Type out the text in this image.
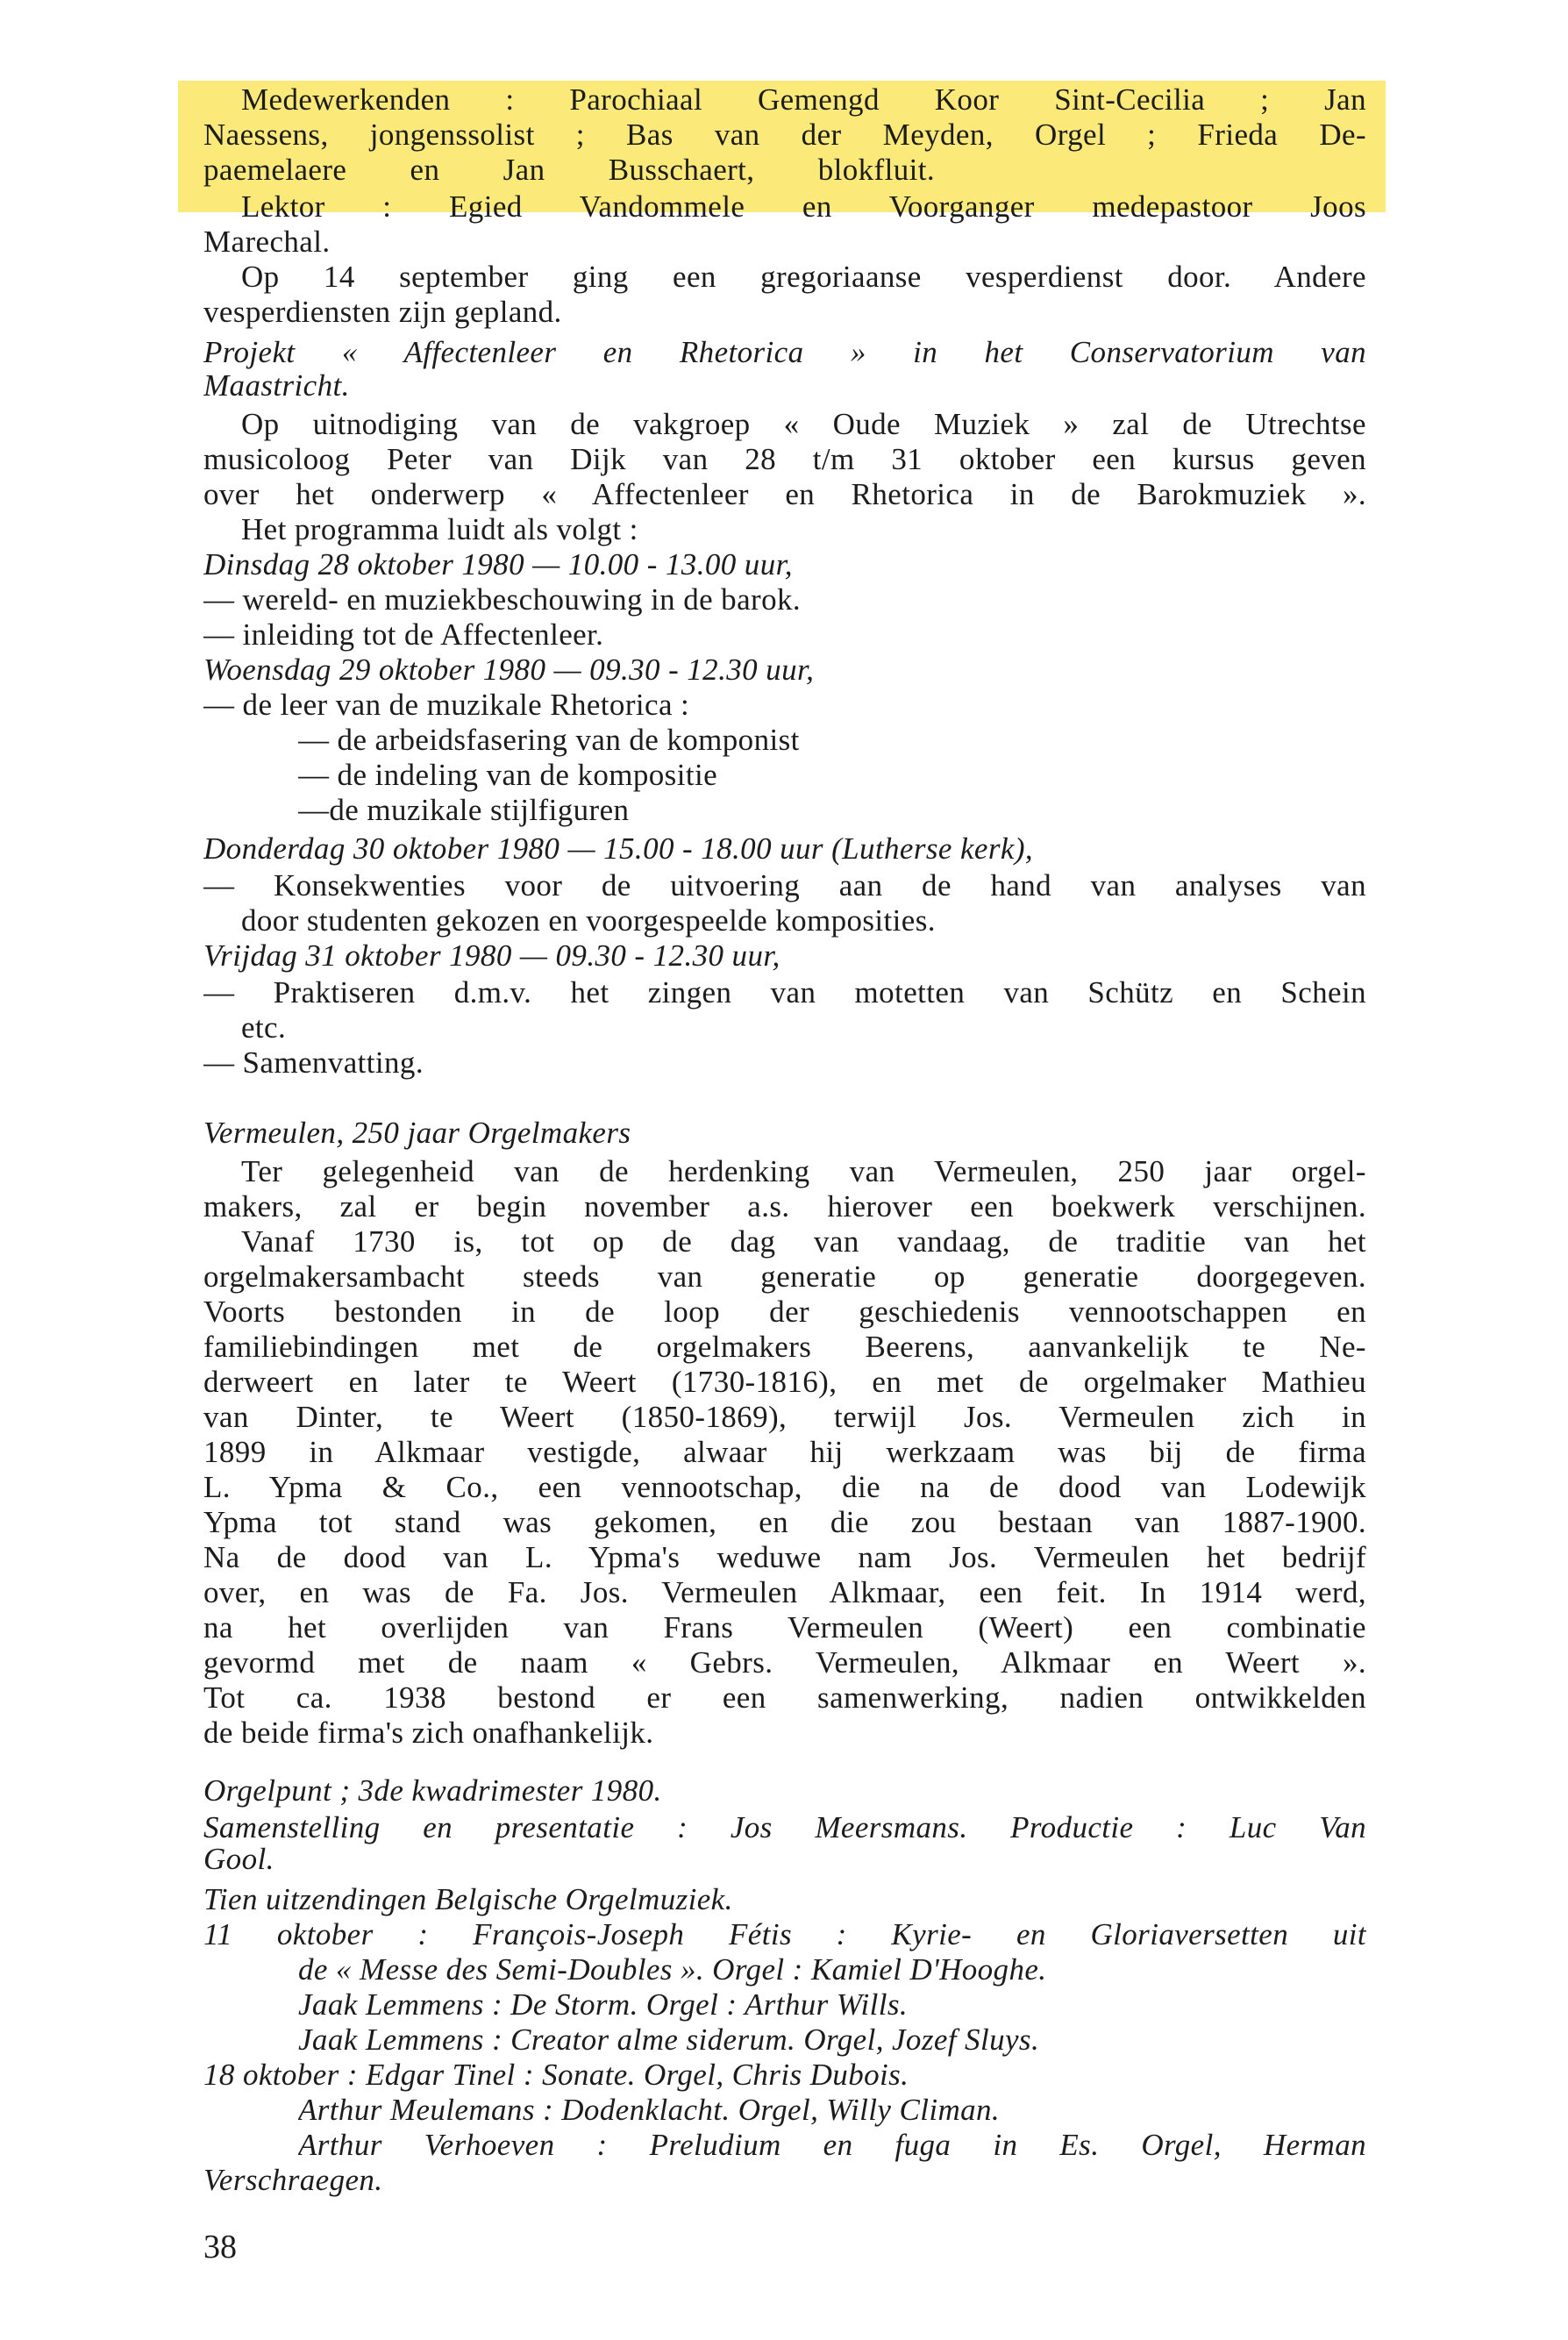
Medewerkenden : Parochiaal Gemengd Koor Sint-Cecilia ; Jan
Naessens, jongenssolist ; Bas van der Meyden, Orgel ; Frieda De-
paemelaere en Jan Busschaert, blokfluit.
Lektor : Egied Vandommele en Voorganger medepastoor Joos
Marechal.
Op 14 september ging een gregoriaanse vesperdienst door. Andere
vesperdiensten zijn gepland.
Projekt « Affectenleer en Rhetorica » in het Conservatorium van
Maastricht.
Op uitnodiging van de vakgroep « Oude Muziek » zal de Utrechtse
musicoloog Peter van Dijk van 28 t/m 31 oktober een kursus geven
over het onderwerp « Affectenleer en Rhetorica in de Barokmuziek ».
Het programma luidt als volgt :
Dinsdag 28 oktober 1980 — 10.00 - 13.00 uur,
— wereld- en muziekbeschouwing in de barok.
— inleiding tot de Affectenleer.
Woensdag 29 oktober 1980 — 09.30 - 12.30 uur,
— de leer van de muzikale Rhetorica :
— de arbeidsfasering van de komponist
— de indeling van de kompositie
—de muzikale stijlfiguren
Donderdag 30 oktober 1980 — 15.00 - 18.00 uur (Lutherse kerk),
— Konsekwenties voor de uitvoering aan de hand van analyses van
door studenten gekozen en voorgespeelde komposities.
Vrijdag 31 oktober 1980 — 09.30 - 12.30 uur,
— Praktiseren d.m.v. het zingen van motetten van Schütz en Schein
etc.
— Samenvatting.
Vermeulen, 250 jaar Orgelmakers
Ter gelegenheid van de herdenking van Vermeulen, 250 jaar orgel-
makers, zal er begin november a.s. hierover een boekwerk verschijnen.
Vanaf 1730 is, tot op de dag van vandaag, de traditie van het
orgelmakersambacht steeds van generatie op generatie doorgegeven.
Voorts bestonden in de loop der geschiedenis vennootschappen en
familiebindingen met de orgelmakers Beerens, aanvankelijk te Ne-
derweert en later te Weert (1730-1816), en met de orgelmaker Mathieu
van Dinter, te Weert (1850-1869), terwijl Jos. Vermeulen zich in
1899 in Alkmaar vestigde, alwaar hij werkzaam was bij de firma
L. Ypma & Co., een vennootschap, die na de dood van Lodewijk
Ypma tot stand was gekomen, en die zou bestaan van 1887-1900.
Na de dood van L. Ypma's weduwe nam Jos. Vermeulen het bedrijf
over, en was de Fa. Jos. Vermeulen Alkmaar, een feit. In 1914 werd,
na het overlijden van Frans Vermeulen (Weert) een combinatie
gevormd met de naam « Gebrs. Vermeulen, Alkmaar en Weert ».
Tot ca. 1938 bestond er een samenwerking, nadien ontwikkelden
de beide firma's zich onafhankelijk.
Orgelpunt ; 3de kwadrimester 1980.
Samenstelling en presentatie : Jos Meersmans. Productie : Luc Van
Gool.
Tien uitzendingen Belgische Orgelmuziek.
11 oktober : François-Joseph Fétis : Kyrie- en Gloriaversetten uit
de « Messe des Semi-Doubles ». Orgel : Kamiel D'Hooghe.
Jaak Lemmens : De Storm. Orgel : Arthur Wills.
Jaak Lemmens : Creator alme siderum. Orgel, Jozef Sluys.
18 oktober : Edgar Tinel : Sonate. Orgel, Chris Dubois.
Arthur Meulemans : Dodenklacht. Orgel, Willy Climan.
Arthur Verhoeven : Preludium en fuga in Es. Orgel, Herman
Verschraegen.
38
